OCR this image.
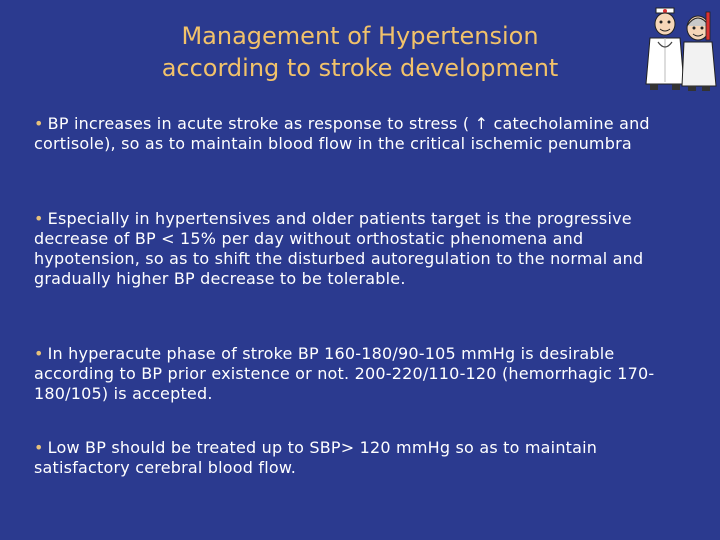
Management of Hypertension
according to stroke development
• BP increases in acute stroke as response to stress ( ↑ catecholamine and cortisole), so as to maintain blood flow in the critical ischemic penumbra
• Especially in hypertensives and older patients target is the progressive decrease of BP < 15% per day without orthostatic phenomena and hypotension, so as to shift the disturbed autoregulation to the normal and gradually higher BP decrease to be tolerable.
• In hyperacute phase of stroke BP 160-180/90-105 mmHg is desirable according to BP prior existence or not. 200-220/110-120 (hemorrhagic 170-180/105) is accepted.
• Low BP should be treated up to SBP> 120 mmHg so as to maintain satisfactory cerebral blood flow.
